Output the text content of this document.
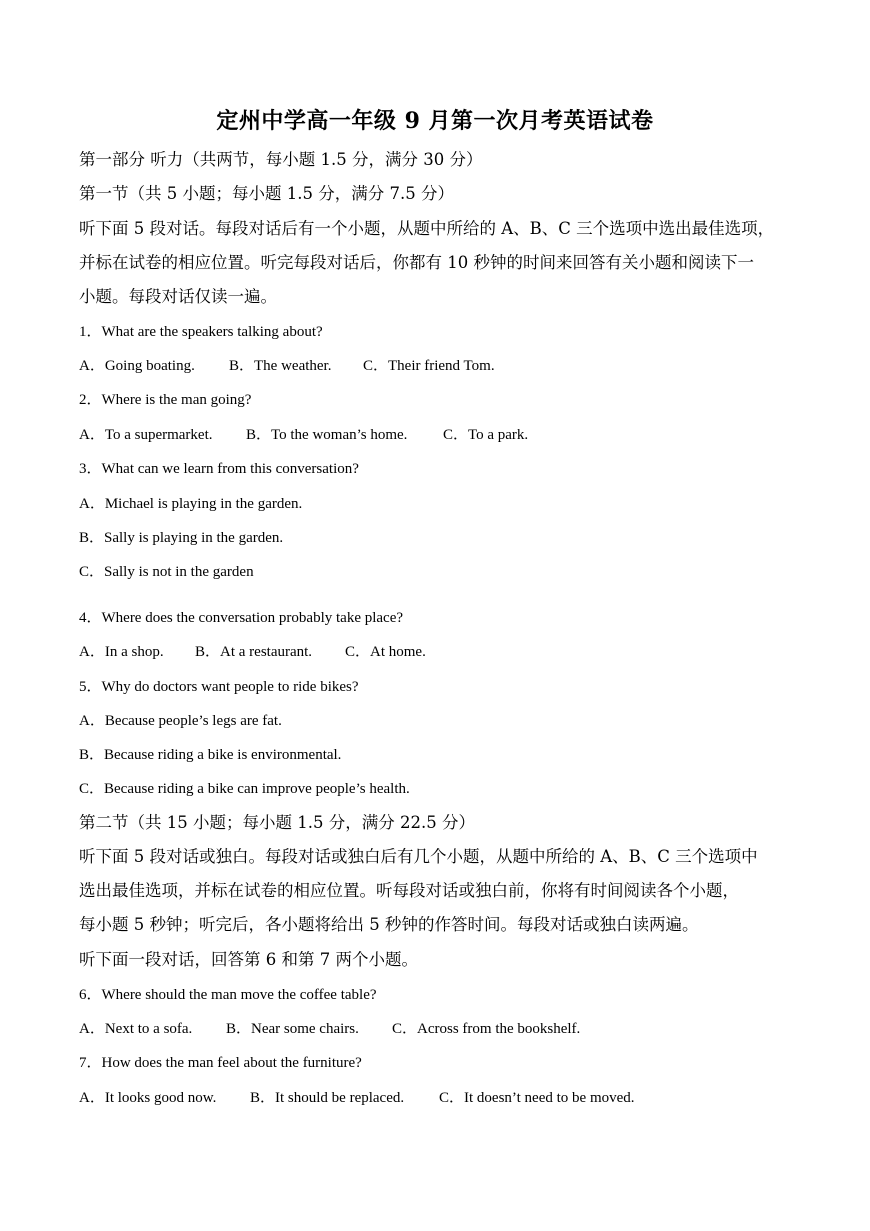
定州中学高一年级 9 月第一次月考英语试卷
第一部分 听力（共两节，每小题 1.5 分，满分 30 分）
第一节（共 5 小题；每小题 1.5 分，满分 7.5 分）
听下面 5 段对话。每段对话后有一个小题，从题中所给的 A、B、C 三个选项中选出最佳选项，
并标在试卷的相应位置。听完每段对话后，你都有 10 秒钟的时间来回答有关小题和阅读下一
小题。每段对话仅读一遍。
1．What are the speakers talking about?
A．Going boating. B．The weather. C．Their friend Tom.
2．Where is the man going?
A．To a supermarket. B．To the woman’s home. C．To a park.
3．What can we learn from this conversation?
A．Michael is playing in the garden.
B．Sally is playing in the garden.
C．Sally is not in the garden
4．Where does the conversation probably take place?
A．In a shop. B．At a restaurant. C．At home.
5．Why do doctors want people to ride bikes?
A．Because people’s legs are fat.
B．Because riding a bike is environmental.
C．Because riding a bike can improve people’s health.
第二节（共 15 小题；每小题 1.5 分，满分 22.5 分）
听下面 5 段对话或独白。每段对话或独白后有几个小题，从题中所给的 A、B、C 三个选项中
选出最佳选项，并标在试卷的相应位置。听每段对话或独白前，你将有时间阅读各个小题，
每小题 5 秒钟；听完后，各小题将给出 5 秒钟的作答时间。每段对话或独白读两遍。
听下面一段对话，回答第 6 和第 7 两个小题。
6．Where should the man move the coffee table?
A．Next to a sofa. B．Near some chairs. C．Across from the bookshelf.
7．How does the man feel about the furniture?
A．It looks good now. B．It should be replaced. C．It doesn’t need to be moved.
